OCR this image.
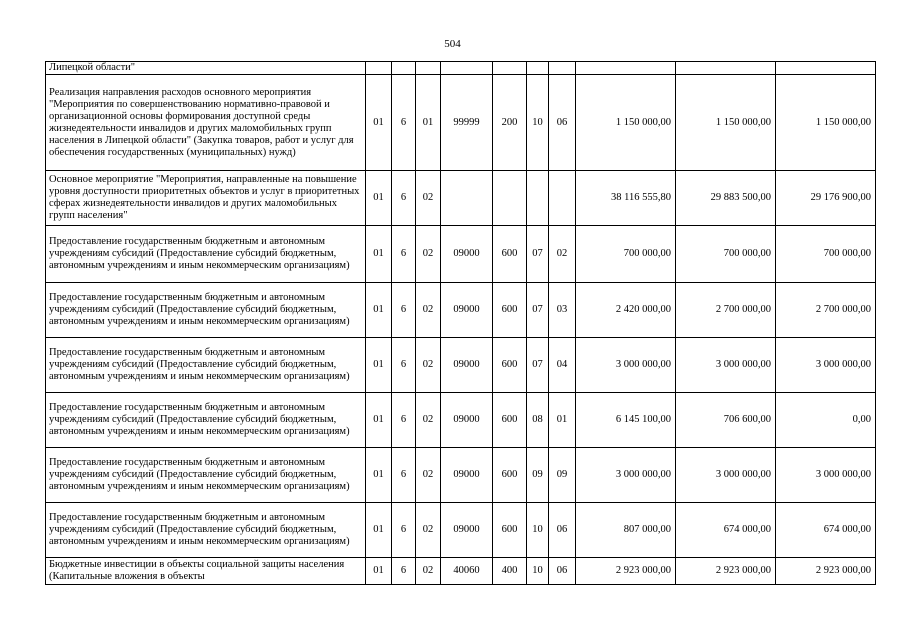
504
Липецкой области"										
Реализация направления расходов основного мероприятия "Мероприятия по совершенствованию нормативно-правовой и организационной основы формирования доступной среды жизнедеятельности инвалидов и других маломобильных групп населения в Липецкой области" (Закупка товаров, работ и услуг для обеспечения государственных (муниципальных) нужд)	01	6	01	99999	200	10	06	1 150 000,00	1 150 000,00	1 150 000,00
Основное мероприятие "Мероприятия, направленные на повышение уровня доступности приоритетных объектов и услуг в приоритетных сферах жизнедеятельности инвалидов и других маломобильных групп населения"	01	6	02					38 116 555,80	29 883 500,00	29 176 900,00
Предоставление государственным бюджетным и автономным учреждениям субсидий (Предоставление субсидий бюджетным, автономным учреждениям и иным некоммерческим организациям)	01	6	02	09000	600	07	02	700 000,00	700 000,00	700 000,00
Предоставление государственным бюджетным и автономным учреждениям субсидий (Предоставление субсидий бюджетным, автономным учреждениям и иным некоммерческим организациям)	01	6	02	09000	600	07	03	2 420 000,00	2 700 000,00	2 700 000,00
Предоставление государственным бюджетным и автономным учреждениям субсидий (Предоставление субсидий бюджетным, автономным учреждениям и иным некоммерческим организациям)	01	6	02	09000	600	07	04	3 000 000,00	3 000 000,00	3 000 000,00
Предоставление государственным бюджетным и автономным учреждениям субсидий (Предоставление субсидий бюджетным, автономным учреждениям и иным некоммерческим организациям)	01	6	02	09000	600	08	01	6 145 100,00	706 600,00	0,00
Предоставление государственным бюджетным и автономным учреждениям субсидий (Предоставление субсидий бюджетным, автономным учреждениям и иным некоммерческим организациям)	01	6	02	09000	600	09	09	3 000 000,00	3 000 000,00	3 000 000,00
Предоставление государственным бюджетным и автономным учреждениям субсидий (Предоставление субсидий бюджетным, автономным учреждениям и иным некоммерческим организациям)	01	6	02	09000	600	10	06	807 000,00	674 000,00	674 000,00
Бюджетные инвестиции в объекты социальной защиты населения (Капитальные вложения в объекты	01	6	02	40060	400	10	06	2 923 000,00	2 923 000,00	2 923 000,00
